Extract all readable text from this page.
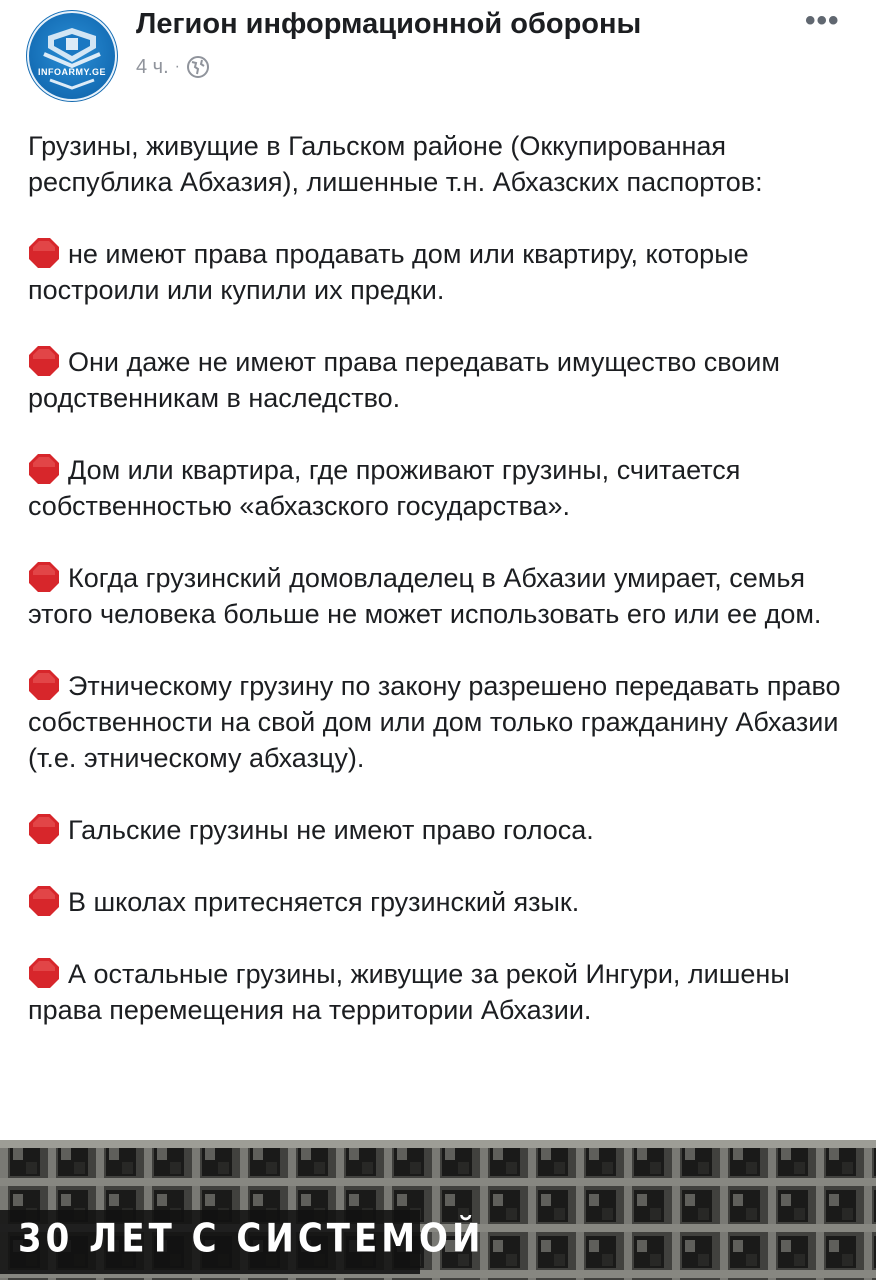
INFOARMY.GE
Легион информационной обороны
4 ч. ·
•••

Грузины, живущие в Гальском районе (Оккупированная республика Абхазия), лишенные т.н. Абхазских паспортов:

не имеют права продавать дом или квартиру, которые построили или купили их предки.

Они даже не имеют права передавать имущество своим родственникам в наследство.

Дом или квартира, где проживают грузины, считается собственностью «абхазского государства».

Когда грузинский домовладелец в Абхазии умирает, семья этого человека больше не может использовать его или ее дом.

Этническому грузину по закону разрешено передавать право собственности на свой дом или дом только гражданину Абхазии (т.е. этническому абхазцу).

Гальские грузины не имеют право голоса.

В школах притесняется грузинский язык.

А остальные грузины, живущие за рекой Ингури, лишены права перемещения на территории Абхазии.

30 ЛЕТ С СИСТЕМОЙ
